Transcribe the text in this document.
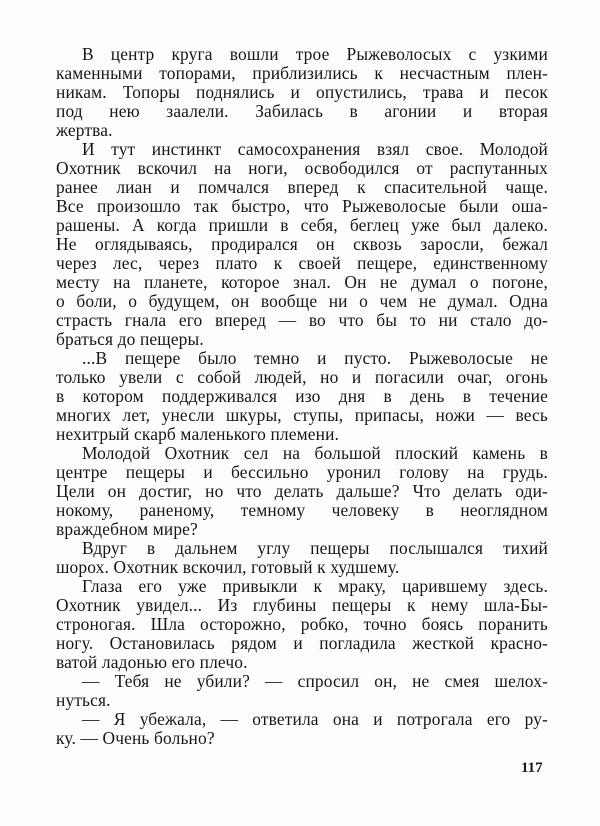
В центр круга вошли трое Рыжеволосых с узкими
каменными топорами, приблизились к несчастным плен-
никам. Топоры поднялись и опустились, трава и песок
под нею заалели. Забилась в агонии и вторая
жертва.
И тут инстинкт самосохранения взял свое. Молодой
Охотник вскочил на ноги, освободился от распутанных
ранее лиан и помчался вперед к спасительной чаще.
Все произошло так быстро, что Рыжеволосые были оша-
рашены. А когда пришли в себя, беглец уже был далеко.
Не оглядываясь, продирался он сквозь заросли, бежал
через лес, через плато к своей пещере, единственному
месту на планете, которое знал. Он не думал о погоне,
о боли, о будущем, он вообще ни о чем не думал. Одна
страсть гнала его вперед — во что бы то ни стало до-
браться до пещеры.
...В пещере было темно и пусто. Рыжеволосые не
только увели с собой людей, но и погасили очаг, огонь
в котором поддерживался изо дня в день в течение
многих лет, унесли шкуры, ступы, припасы, ножи — весь
нехитрый скарб маленького племени.
Молодой Охотник сел на большой плоский камень в
центре пещеры и бессильно уронил голову на грудь.
Цели он достиг, но что делать дальше? Что делать оди-
нокому, раненому, темному человеку в неоглядном
враждебном мире?
Вдруг в дальнем углу пещеры послышался тихий
шорох. Охотник вскочил, готовый к худшему.
Глаза его уже привыкли к мраку, царившему здесь.
Охотник увидел... Из глубины пещеры к нему шла-Бы-
строногая. Шла осторожно, робко, точно боясь поранить
ногу. Остановилась рядом и погладила жесткой красно-
ватой ладонью его плечо.
— Тебя не убили? — спросил он, не смея шелох-
нуться.
— Я убежала, — ответила она и потрогала его ру-
ку. — Очень больно?
117
